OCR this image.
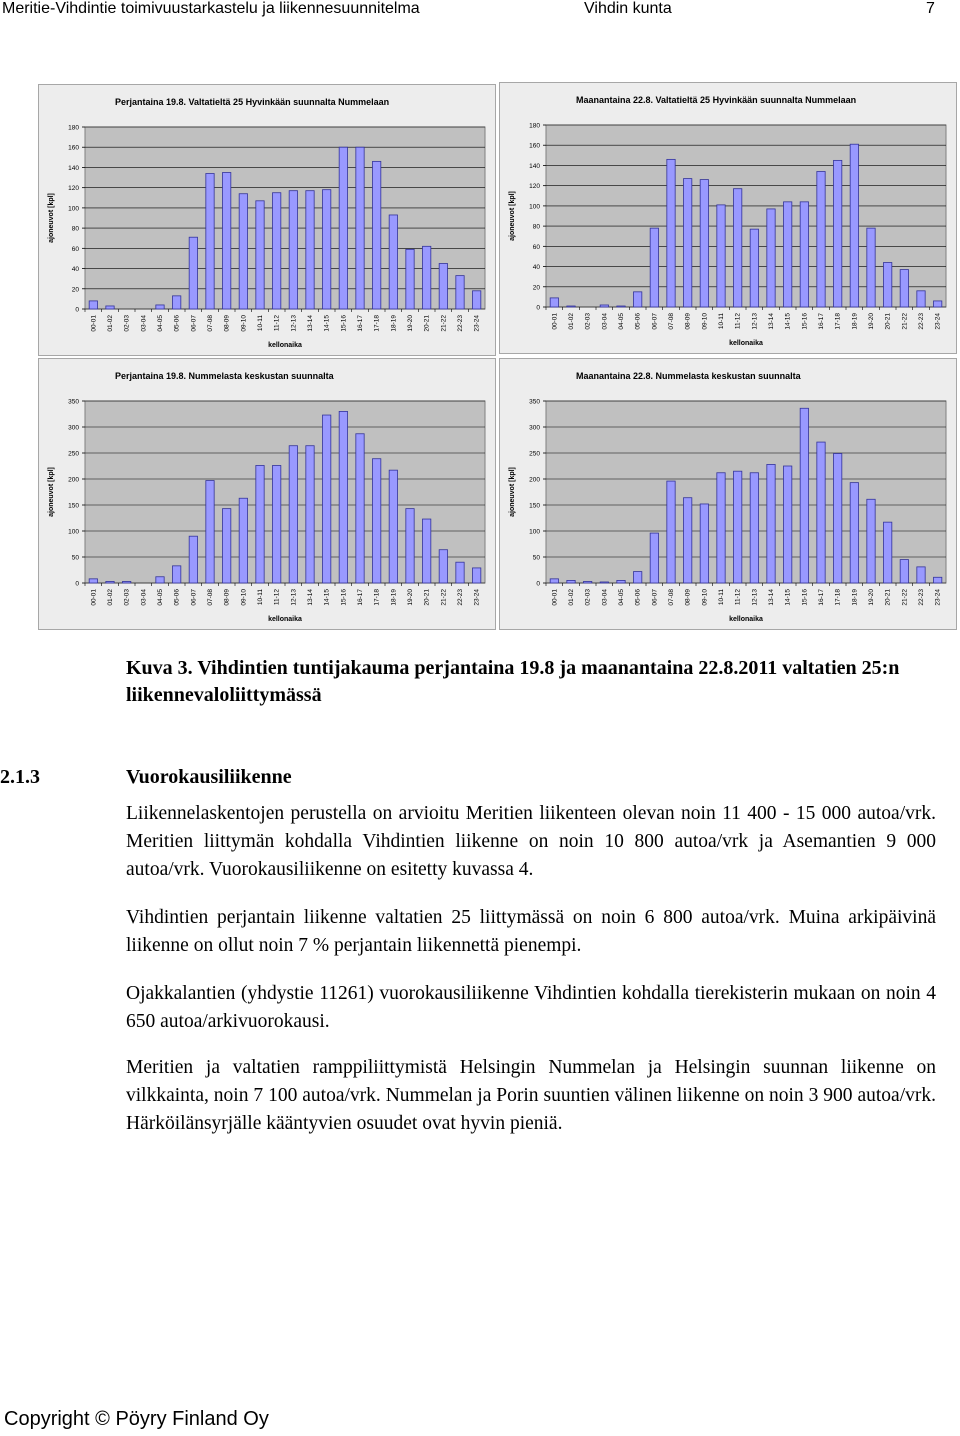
Meritie-Vihdintie toimivuustarkastelu ja liikennesuunnitelma	Vihdin kunta	7
0
20
40
60
80
100
120
140
160
180
00-01 01-02 02-03 03-04 04-05 05-06 06-07 07-08 08-09 09-10 10-11 11-12 12-13 13-14 14-15 15-16 16-17 17-18 18-19 19-20 20-21 21-22 22-23 23-24
Perjantaina 19.8. Valtatieltä 25 Hyvinkään suunnalta Nummelaan
kellonaika
ajoneuvot [kpl]
0
20
40
60
80
100
120
140
160
180
00-01 01-02 02-03 03-04 04-05 05-06 06-07 07-08 08-09 09-10 10-11 11-12 12-13 13-14 14-15 15-16 16-17 17-18 18-19 19-20 20-21 21-22 22-23 23-24
Maanantaina 22.8. Valtatieltä 25 Hyvinkään suunnalta Nummelaan
kellonaika
ajoneuvot [kpl]
0
50
100
150
200
250
300
350
00-01 01-02 02-03 03-04 04-05 05-06 06-07 07-08 08-09 09-10 10-11 11-12 12-13 13-14 14-15 15-16 16-17 17-18 18-19 19-20 20-21 21-22 22-23 23-24
Perjantaina 19.8. Nummelasta keskustan suunnalta
kellonaika
ajoneuvot [kpl]
0
50
100
150
200
250
300
350
00-01 01-02 02-03 03-04 04-05 05-06 06-07 07-08 08-09 09-10 10-11 11-12 12-13 13-14 14-15 15-16 16-17 17-18 18-19 19-20 20-21 21-22 22-23 23-24
Maanantaina 22.8. Nummelasta keskustan suunnalta
kellonaika
ajoneuvot [kpl]
Kuva 3. Vihdintien tuntijakauma perjantaina 19.8 ja maanantaina 22.8.2011 valtatien 25:n liikennevaloliittymässä
2.1.3	Vuorokausiliikenne

Liikennelaskentojen perustella on arvioitu Meritien liikenteen olevan noin 11 400 - 15 000 autoa/vrk. Meritien liittymän kohdalla Vihdintien liikenne on noin 10 800 autoa/vrk ja Asemantien 9 000 autoa/vrk. Vuorokausiliikenne on esitetty kuvassa 4.

Vihdintien perjantain liikenne valtatien 25 liittymässä on noin 6 800 autoa/vrk. Muina arkipäivinä liikenne on ollut noin 7 % perjantain liikennettä pienempi.

Ojakkalantien (yhdystie 11261) vuorokausiliikenne Vihdintien kohdalla tierekisterin mukaan on noin 4 650 autoa/arkivuorokausi.

Meritien ja valtatien ramppiliittymistä Helsingin Nummelan ja Helsingin suunnan liikenne on vilkkainta, noin 7 100 autoa/vrk. Nummelan ja Porin suuntien välinen liikenne on noin 3 900 autoa/vrk. Härköilänsyrjälle kääntyvien osuudet ovat hyvin pieniä.

Copyright © Pöyry Finland Oy
